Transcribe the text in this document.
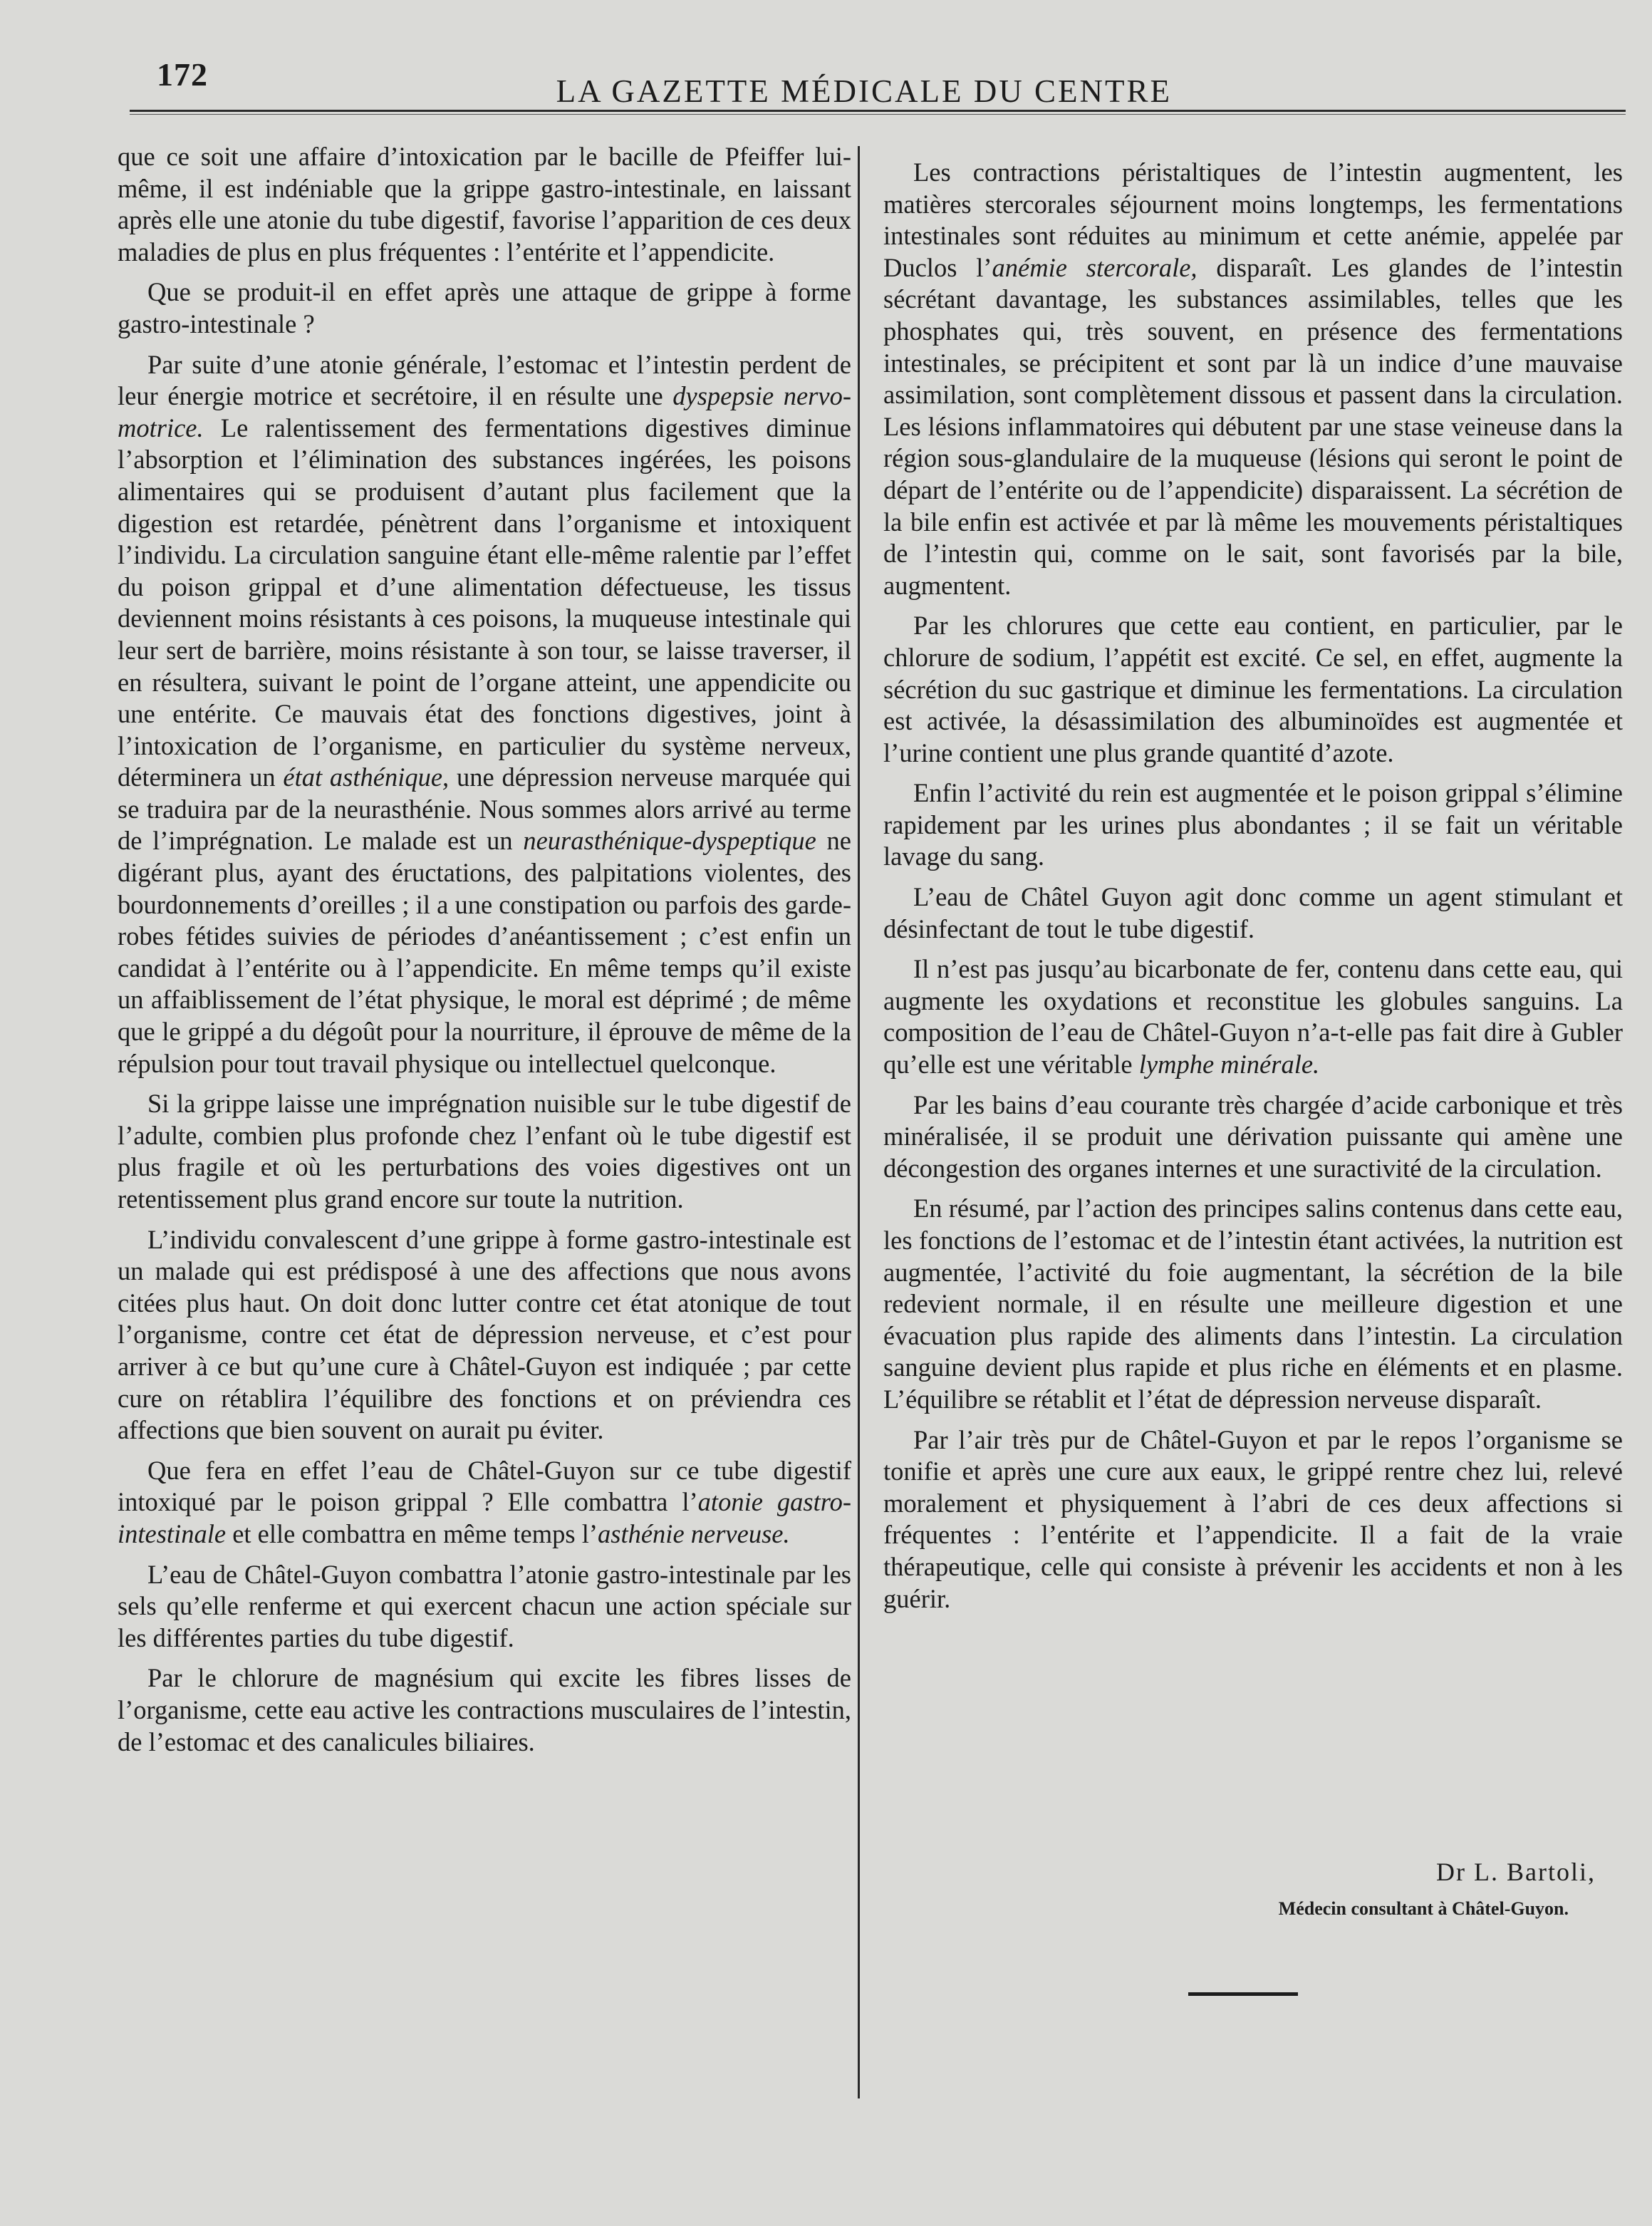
172	LA GAZETTE MÉDICALE DU CENTRE

que ce soit une affaire d’intoxication par le bacille de Pfeiffer lui-même, il est indéniable que la grippe gastro-intestinale, en laissant après elle une atonie du tube digestif, favorise l’apparition de ces deux maladies de plus en plus fréquentes : l’entérite et l’appendicite.

Que se produit-il en effet après une attaque de grippe à forme gastro-intestinale ?

Par suite d’une atonie générale, l’estomac et l’intestin perdent de leur énergie motrice et secrétoire, il en résulte une dyspepsie nervo-motrice. Le ralentissement des fermentations digestives diminue l’absorption et l’élimination des substances ingérées, les poisons alimentaires qui se produisent d’autant plus facilement que la digestion est retardée, pénètrent dans l’organisme et intoxiquent l’individu. La circulation sanguine étant elle-même ralentie par l’effet du poison grippal et d’une alimentation défectueuse, les tissus deviennent moins résistants à ces poisons, la muqueuse intestinale qui leur sert de barrière, moins résistante à son tour, se laisse traverser, il en résultera, suivant le point de l’organe atteint, une appendicite ou une entérite. Ce mauvais état des fonctions digestives, joint à l’intoxication de l’organisme, en particulier du système nerveux, déterminera un état asthénique, une dépression nerveuse marquée qui se traduira par de la neurasthénie. Nous sommes alors arrivé au terme de l’imprégnation. Le malade est un neurasthénique-dyspeptique ne digérant plus, ayant des éructations, des palpitations violentes, des bourdonnements d’oreilles ; il a une constipation ou parfois des garde-robes fétides suivies de périodes d’anéantissement ; c’est enfin un candidat à l’entérite ou à l’appendicite. En même temps qu’il existe un affaiblissement de l’état physique, le moral est déprimé ; de même que le grippé a du dégoût pour la nourriture, il éprouve de même de la répulsion pour tout travail physique ou intellectuel quelconque.

Si la grippe laisse une imprégnation nuisible sur le tube digestif de l’adulte, combien plus profonde chez l’enfant où le tube digestif est plus fragile et où les perturbations des voies digestives ont un retentissement plus grand encore sur toute la nutrition.

L’individu convalescent d’une grippe à forme gastro-intestinale est un malade qui est prédisposé à une des affections que nous avons citées plus haut. On doit donc lutter contre cet état atonique de tout l’organisme, contre cet état de dépression nerveuse, et c’est pour arriver à ce but qu’une cure à Châtel-Guyon est indiquée ; par cette cure on rétablira l’équilibre des fonctions et on préviendra ces affections que bien souvent on aurait pu éviter.

Que fera en effet l’eau de Châtel-Guyon sur ce tube digestif intoxiqué par le poison grippal ? Elle combattra l’atonie gastro-intestinale et elle combattra en même temps l’asthénie nerveuse.

L’eau de Châtel-Guyon combattra l’atonie gastro-intestinale par les sels qu’elle renferme et qui exercent chacun une action spéciale sur les différentes parties du tube digestif.

Par le chlorure de magnésium qui excite les fibres lisses de l’organisme, cette eau active les contractions musculaires de l’intestin, de l’estomac et des canalicules biliaires.

Les contractions péristaltiques de l’intestin augmentent, les matières stercorales séjournent moins longtemps, les fermentations intestinales sont réduites au minimum et cette anémie, appelée par Duclos l’anémie stercorale, disparaît. Les glandes de l’intestin sécrétant davantage, les substances assimilables, telles que les phosphates qui, très souvent, en présence des fermentations intestinales, se précipitent et sont par là un indice d’une mauvaise assimilation, sont complètement dissous et passent dans la circulation. Les lésions inflammatoires qui débutent par une stase veineuse dans la région sous-glandulaire de la muqueuse (lésions qui seront le point de départ de l’entérite ou de l’appendicite) disparaissent. La sécrétion de la bile enfin est activée et par là même les mouvements péristaltiques de l’intestin qui, comme on le sait, sont favorisés par la bile, augmentent.

Par les chlorures que cette eau contient, en particulier, par le chlorure de sodium, l’appétit est excité. Ce sel, en effet, augmente la sécrétion du suc gastrique et diminue les fermentations. La circulation est activée, la désassimilation des albuminoïdes est augmentée et l’urine contient une plus grande quantité d’azote.

Enfin l’activité du rein est augmentée et le poison grippal s’élimine rapidement par les urines plus abondantes ; il se fait un véritable lavage du sang.

L’eau de Châtel Guyon agit donc comme un agent stimulant et désinfectant de tout le tube digestif.

Il n’est pas jusqu’au bicarbonate de fer, contenu dans cette eau, qui augmente les oxydations et reconstitue les globules sanguins. La composition de l’eau de Châtel-Guyon n’a-t-elle pas fait dire à Gubler qu’elle est une véritable lymphe minérale.

Par les bains d’eau courante très chargée d’acide carbonique et très minéralisée, il se produit une dérivation puissante qui amène une décongestion des organes internes et une suractivité de la circulation.

En résumé, par l’action des principes salins contenus dans cette eau, les fonctions de l’estomac et de l’intestin étant activées, la nutrition est augmentée, l’activité du foie augmentant, la sécrétion de la bile redevient normale, il en résulte une meilleure digestion et une évacuation plus rapide des aliments dans l’intestin. La circulation sanguine devient plus rapide et plus riche en éléments et en plasme. L’équilibre se rétablit et l’état de dépression nerveuse disparaît.

Par l’air très pur de Châtel-Guyon et par le repos l’organisme se tonifie et après une cure aux eaux, le grippé rentre chez lui, relevé moralement et physiquement à l’abri de ces deux affections si fréquentes : l’entérite et l’appendicite. Il a fait de la vraie thérapeutique, celle qui consiste à prévenir les accidents et non à les guérir.

Dr L. Bartoli,
Médecin consultant à Châtel-Guyon.
